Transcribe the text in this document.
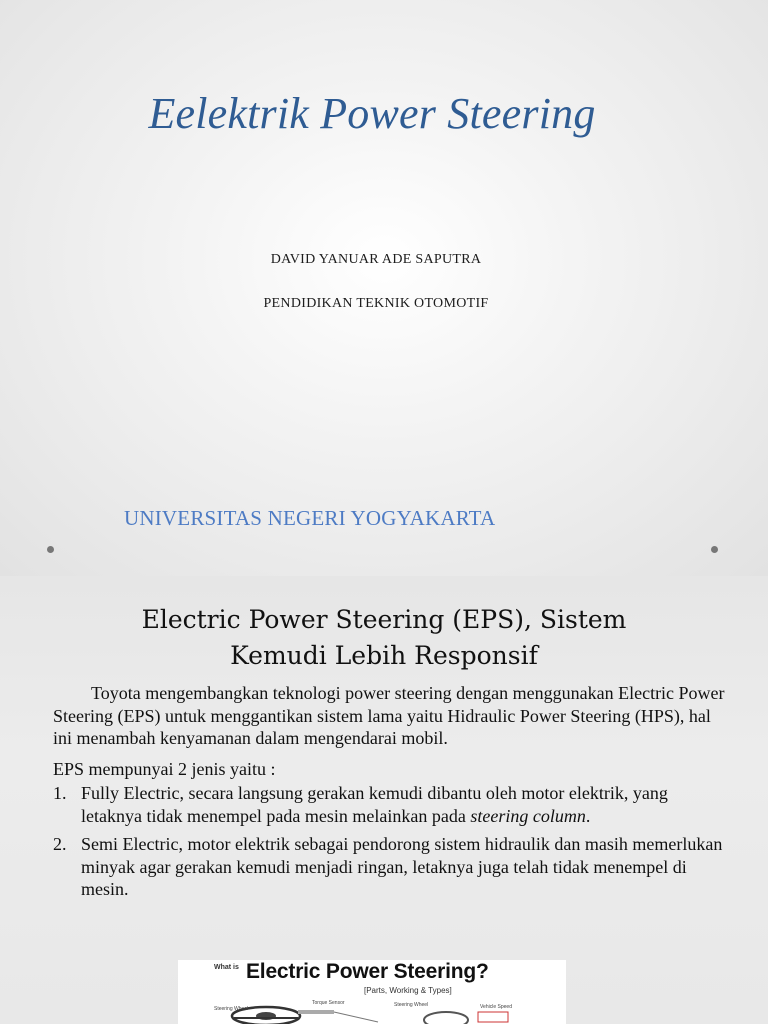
Eelektrik Power Steering
DAVID YANUAR ADE SAPUTRA
PENDIDIKAN TEKNIK OTOMOTIF
UNIVERSITAS NEGERI YOGYAKARTA
Electric Power Steering (EPS), Sistem
Kemudi Lebih Responsif

Toyota mengembangkan teknologi power steering dengan menggunakan Electric Power Steering (EPS) untuk menggantikan sistem lama yaitu Hidraulic Power Steering (HPS), hal ini menambah kenyamanan dalam mengendarai mobil.

EPS mempunyai 2 jenis yaitu :
1. Fully Electric, secara langsung gerakan kemudi dibantu oleh motor elektrik, yang letaknya tidak menempel pada mesin melainkan pada steering column.
2. Semi Electric, motor elektrik sebagai pendorong sistem hidraulik dan masih memerlukan minyak agar gerakan kemudi menjadi ringan, letaknya juga telah tidak menempel di mesin.
What is Electric Power Steering?
[Parts, Working & Types]
Steering Wheel
Torque Sensor	Steering Wheel	Vehicle Speed
